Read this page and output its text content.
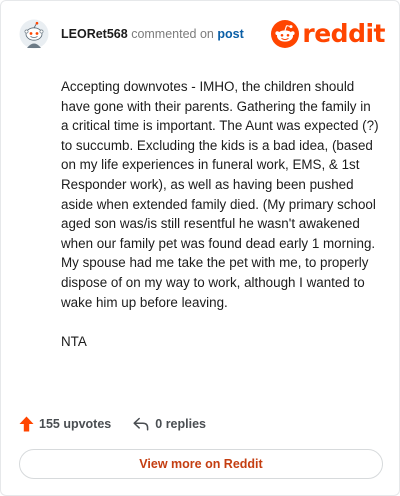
LEORet568 commented on post reddit

Accepting downvotes - IMHO, the children should have gone with their parents. Gathering the family in a critical time is important. The Aunt was expected (?) to succumb. Excluding the kids is a bad idea, (based on my life experiences in funeral work, EMS, & 1st Responder work), as well as having been pushed aside when extended family died. (My primary school aged son was/is still resentful he wasn't awakened when our family pet was found dead early 1 morning. My spouse had me take the pet with me, to properly dispose of on my way to work, although I wanted to wake him up before leaving.

NTA

155 upvotes	0 replies
View more on Reddit
